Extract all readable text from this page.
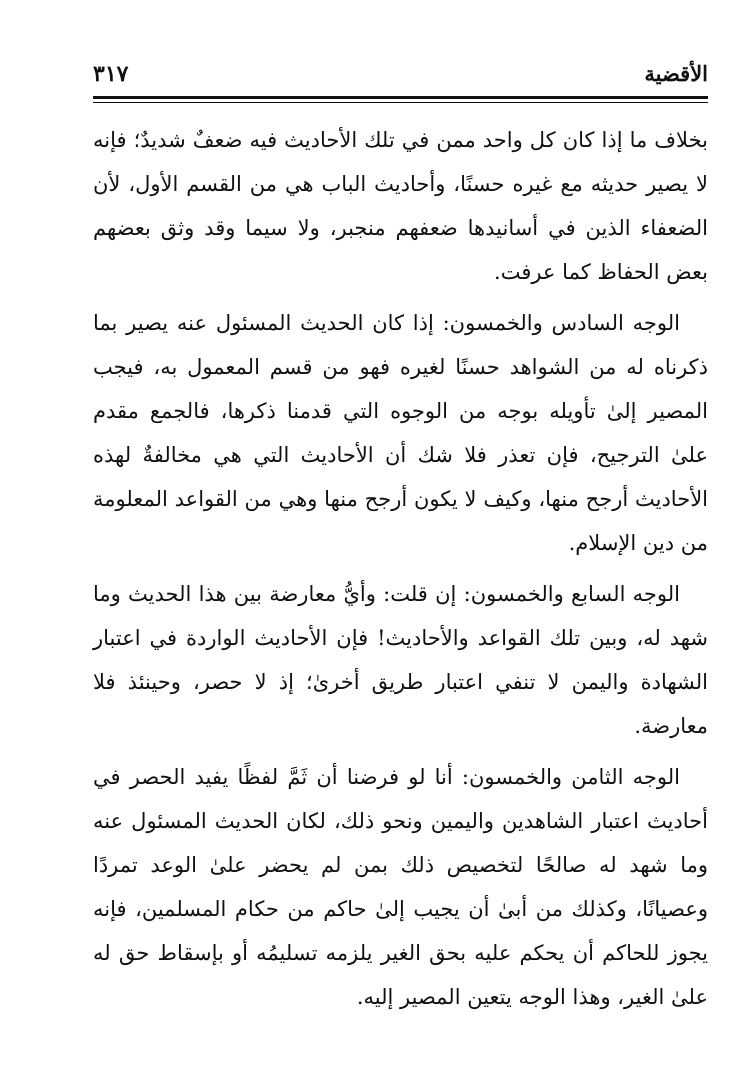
الأقضية
٣١٧

بخلاف ما إذا كان كل واحد ممن في تلك الأحاديث فيه ضعفٌ شديدٌ؛ فإنه لا يصير حديثه مع غيره حسنًا، وأحاديث الباب هي من القسم الأول، لأن الضعفاء الذين في أسانيدها ضعفهم منجبر، ولا سيما وقد وثق بعضهم بعض الحفاظ كما عرفت.

الوجه السادس والخمسون: إذا كان الحديث المسئول عنه يصير بما ذكرناه له من الشواهد حسنًا لغيره فهو من قسم المعمول به، فيجب المصير إلىٰ تأويله بوجه من الوجوه التي قدمنا ذكرها، فالجمع مقدم علىٰ الترجيح، فإن تعذر فلا شك أن الأحاديث التي هي مخالفةٌ لهذه الأحاديث أرجح منها، وكيف لا يكون أرجح منها وهي من القواعد المعلومة من دين الإسلام.

الوجه السابع والخمسون: إن قلت: وأيُّ معارضة بين هذا الحديث وما شهد له، وبين تلك القواعد والأحاديث! فإن الأحاديث الواردة في اعتبار الشهادة واليمن لا تنفي اعتبار طريق أخرىٰ؛ إذ لا حصر، وحينئذ فلا معارضة.

الوجه الثامن والخمسون: أنا لو فرضنا أن ثَمَّ لفظًا يفيد الحصر في أحاديث اعتبار الشاهدين واليمين ونحو ذلك، لكان الحديث المسئول عنه وما شهد له صالحًا لتخصيص ذلك بمن لم يحضر علىٰ الوعد تمردًا وعصيانًا، وكذلك من أبىٰ أن يجيب إلىٰ حاكم من حكام المسلمين، فإنه يجوز للحاكم أن يحكم عليه بحق الغير يلزمه تسليمُه أو بإسقاط حق له علىٰ الغير، وهذا الوجه يتعين المصير إليه.
